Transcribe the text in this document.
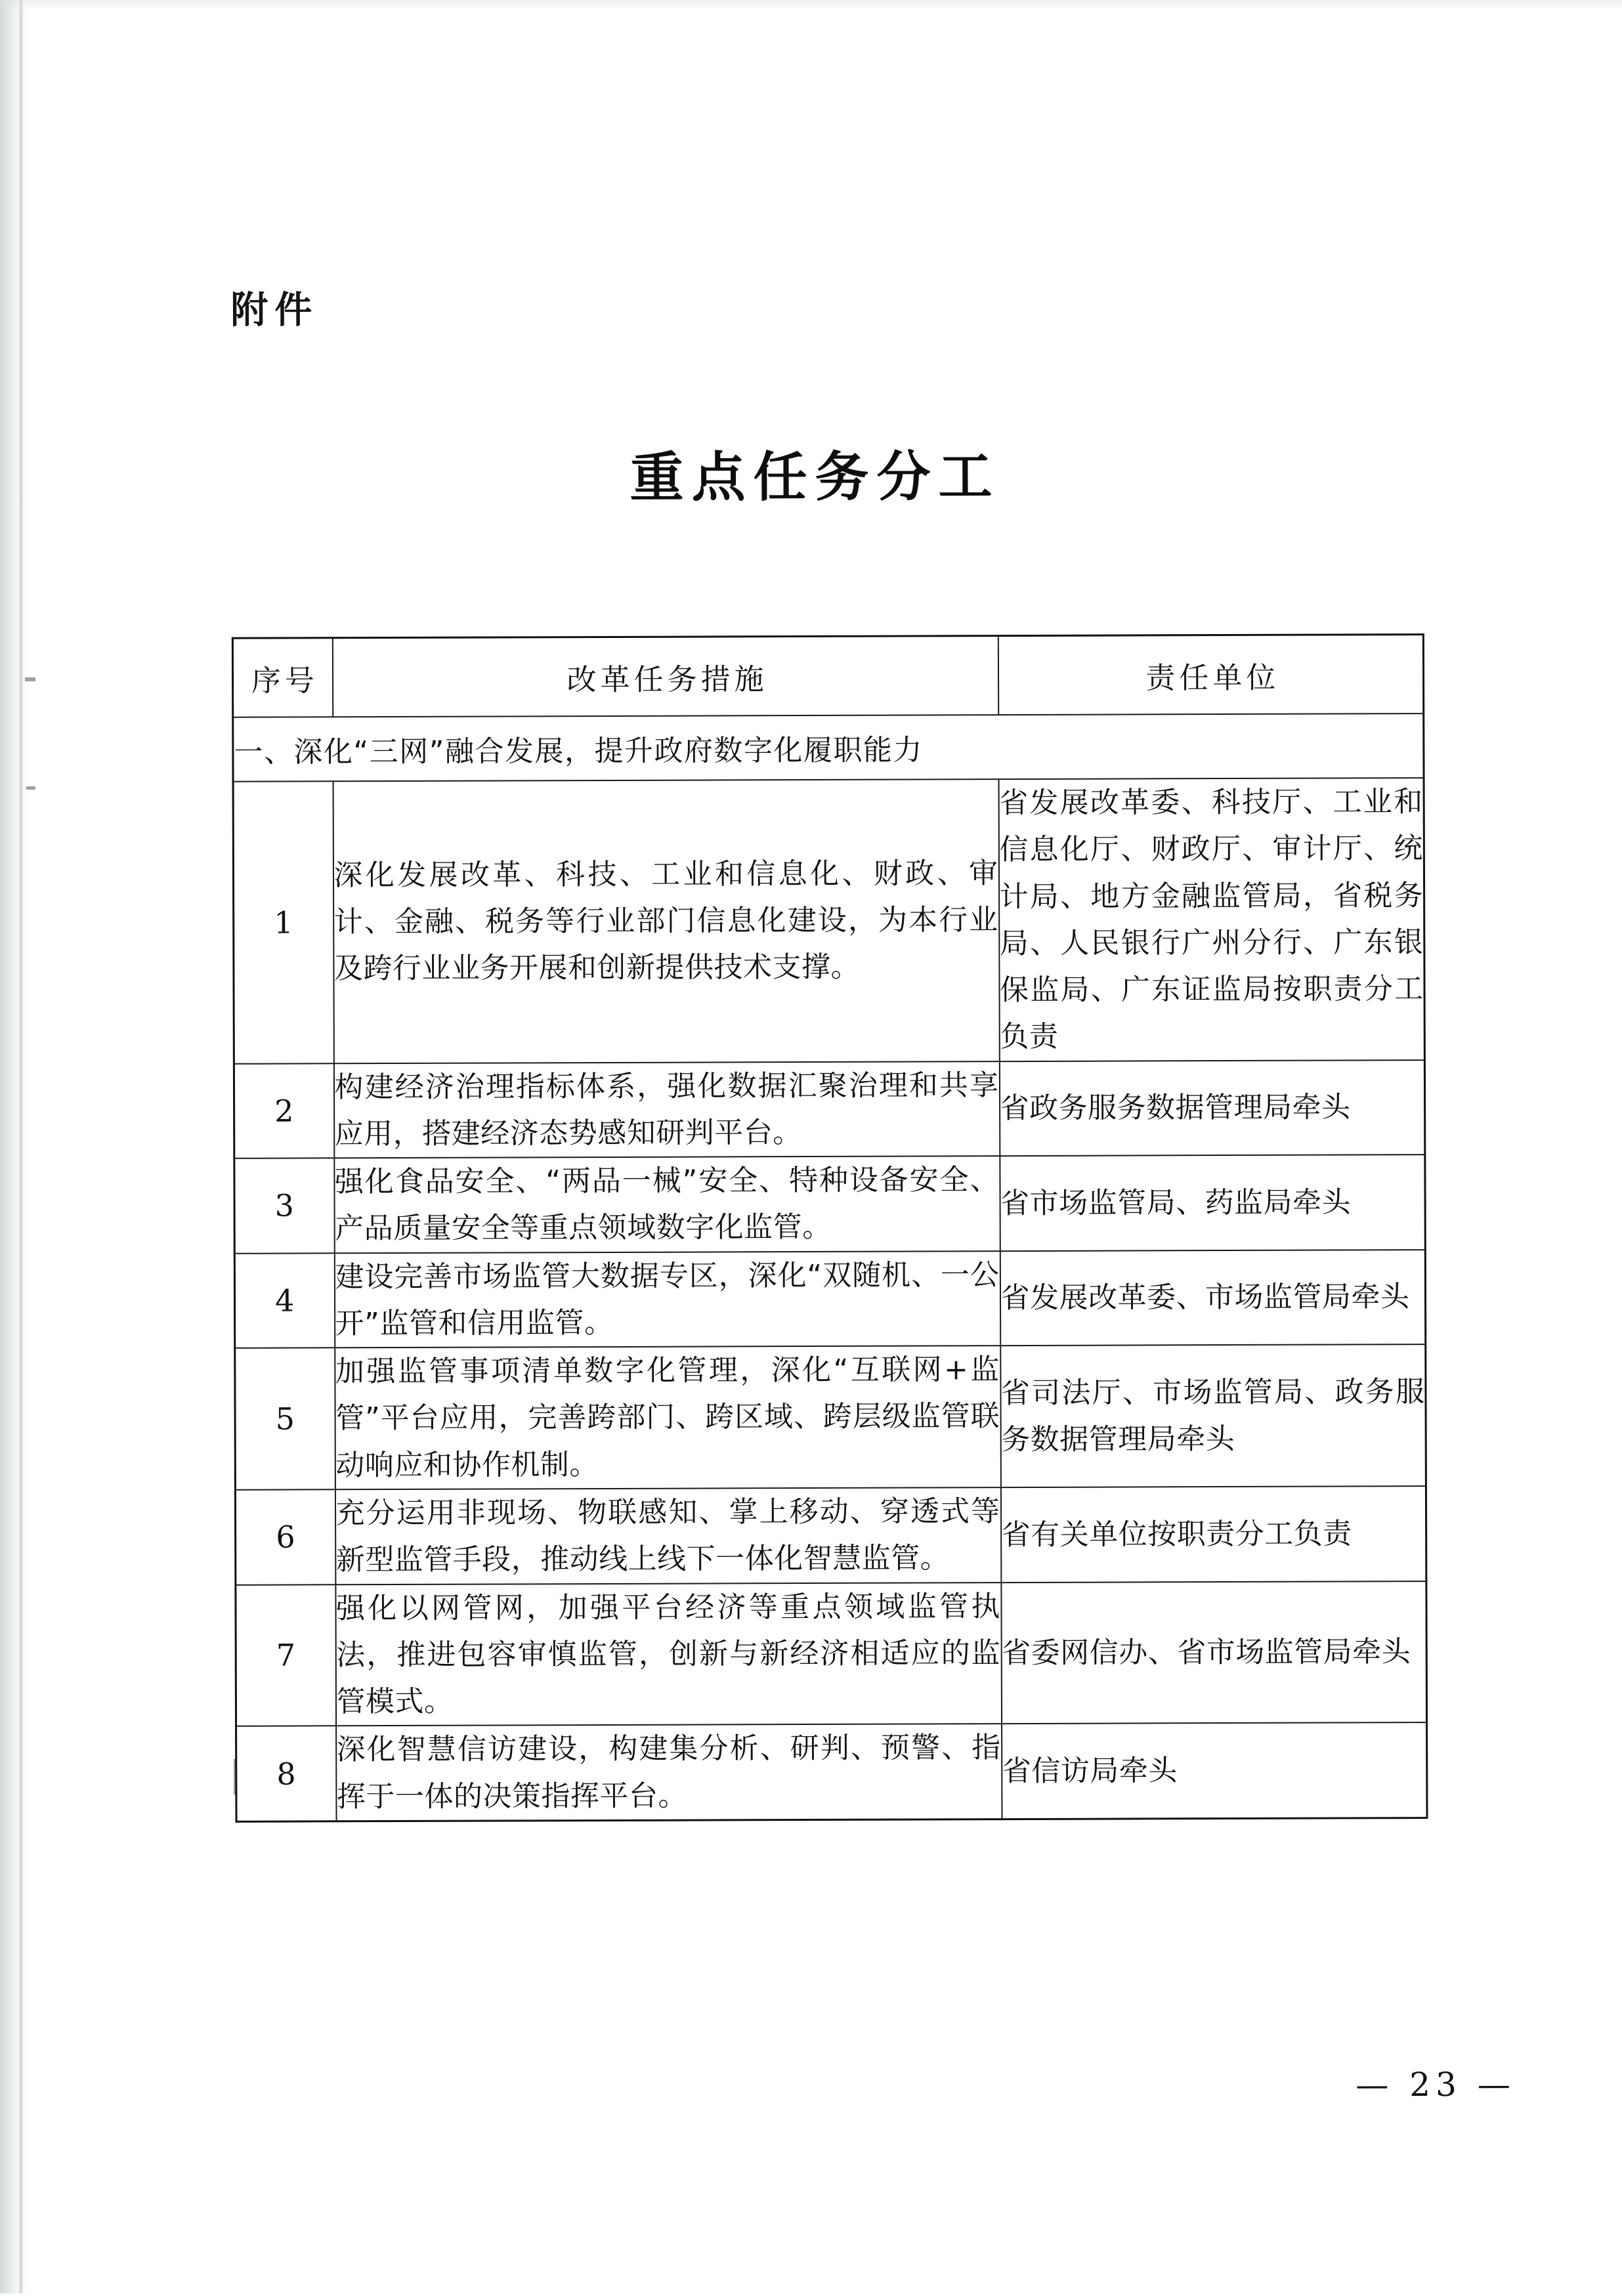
附件
重点任务分工
序号	改革任务措施	责任单位
一、深化“三网”融合发展，提升政府数字化履职能力		
1	深化发展改革、科技、工业和信息化、财政、审计、金融、税务等行业部门信息化建设，为本行业及跨行业业务开展和创新提供技术支撑。	省发展改革委、科技厅、工业和信息化厅、财政厅、审计厅、统计局、地方金融监管局，省税务局、人民银行广州分行、广东银保监局、广东证监局按职责分工负责
2	构建经济治理指标体系，强化数据汇聚治理和共享应用，搭建经济态势感知研判平台。	省政务服务数据管理局牵头
3	强化食品安全、“两品一械”安全、特种设备安全、产品质量安全等重点领域数字化监管。	省市场监管局、药监局牵头
4	建设完善市场监管大数据专区，深化“双随机、一公开”监管和信用监管。	省发展改革委、市场监管局牵头
5	加强监管事项清单数字化管理，深化“互联网+监管”平台应用，完善跨部门、跨区域、跨层级监管联动响应和协作机制。	省司法厅、市场监管局、政务服务数据管理局牵头
6	充分运用非现场、物联感知、掌上移动、穿透式等新型监管手段，推动线上线下一体化智慧监管。	省有关单位按职责分工负责
7	强化以网管网，加强平台经济等重点领域监管执法，推进包容审慎监管，创新与新经济相适应的监管模式。	省委网信办、省市场监管局牵头
8	深化智慧信访建设，构建集分析、研判、预警、指挥于一体的决策指挥平台。	省信访局牵头
— 23 —
